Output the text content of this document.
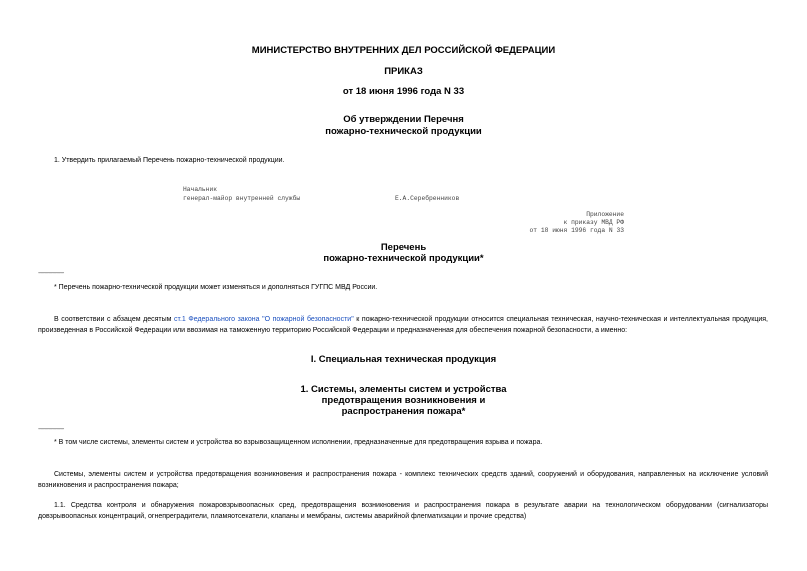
МИНИСТЕРСТВО ВНУТРЕННИХ ДЕЛ РОССИЙСКОЙ ФЕДЕРАЦИИ
ПРИКАЗ
от 18 июня 1996 года N 33
Об утверждении Перечня
пожарно-технической продукции
1. Утвердить прилагаемый Перечень пожарно-технической продукции.
Начальник
генерал-майор внутренней службы	Е.А.Серебренников
Приложение
к приказу МВД РФ
от 18 июня 1996 года N 33
Перечень
пожарно-технической продукции*
-------------------
* Перечень пожарно-технической продукции может изменяться и дополняться ГУГПС МВД России.
В соответствии с абзацем десятым ст.1 Федерального закона "О пожарной безопасности" к пожарно-технической продукции относится специальная техническая, научно-техническая и интеллектуальная продукция, произведенная в Российской Федерации или ввозимая на таможенную территорию Российской Федерации и предназначенная для обеспечения пожарной безопасности, а именно:
I. Специальная техническая продукция
1. Системы, элементы систем и устройства
предотвращения возникновения и
распространения пожара*
-------------------
* В том числе системы, элементы систем и устройства во взрывозащищенном исполнении, предназначенные для предотвращения взрыва и пожара.
Системы, элементы систем и устройства предотвращения возникновения и распространения пожара - комплекс технических средств зданий, сооружений и оборудования, направленных на исключение условий возникновения и распространения пожара;
1.1. Средства контроля и обнаружения пожаровзрывоопасных сред, предотвращения возникновения и распространения пожара в результате аварии на технологическом оборудовании (сигнализаторы довзрывоопасных концентраций, огнепреградители, пламяотсекатели, клапаны и мембраны, системы аварийной флегматизации и прочие средства)
